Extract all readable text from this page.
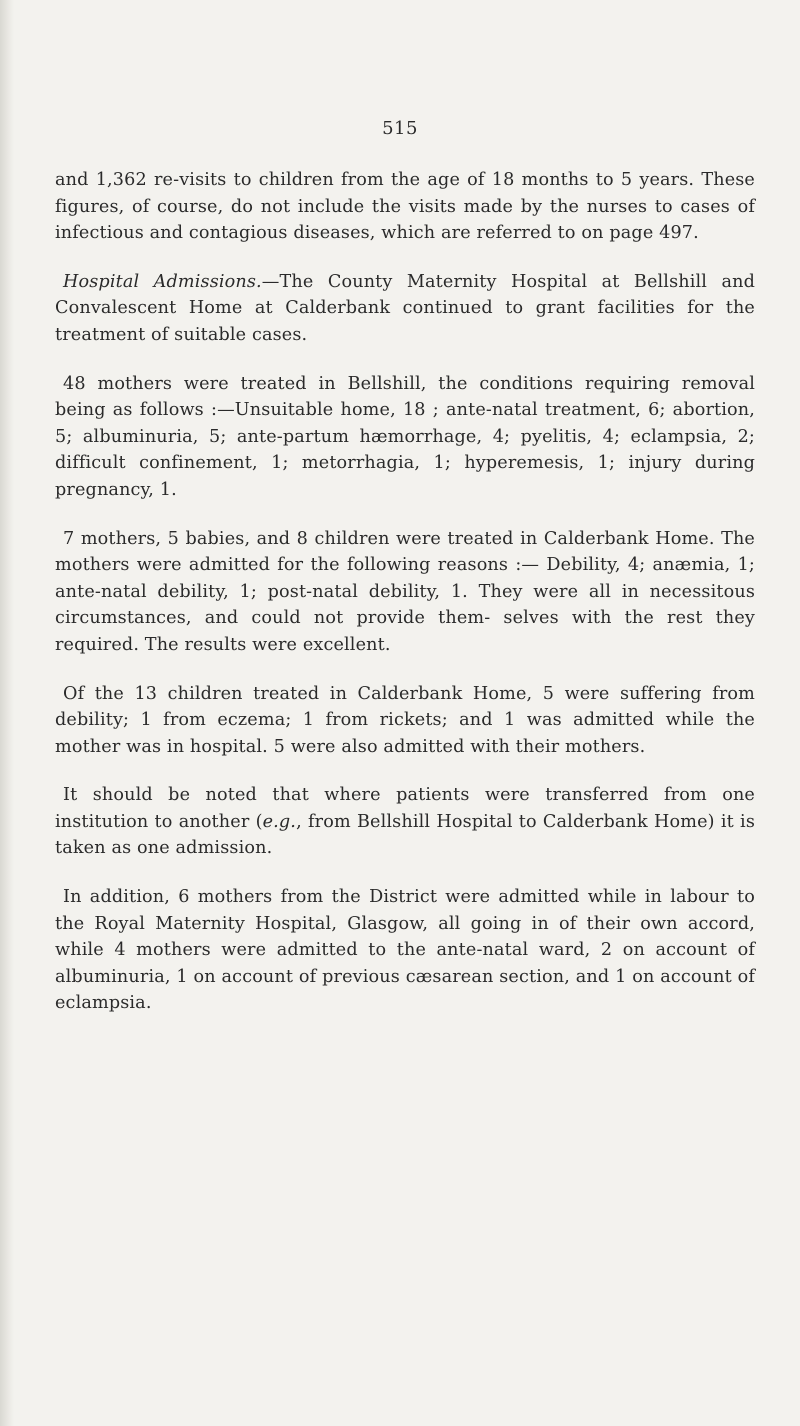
515

and 1,362 re-visits to children from the age of 18 months to 5 years. These figures, of course, do not include the visits made by the nurses to cases of infectious and contagious diseases, which are referred to on page 497.

Hospital Admissions.—The County Maternity Hospital at Bellshill and Convalescent Home at Calderbank continued to grant facilities for the treatment of suitable cases.

48 mothers were treated in Bellshill, the conditions requiring removal being as follows :—Unsuitable home, 18 ; ante-natal treatment, 6; abortion, 5; albuminuria, 5; ante-partum hæmorrhage, 4; pyelitis, 4; eclampsia, 2; difficult confinement, 1; metorrhagia, 1; hyperemesis, 1; injury during pregnancy, 1.

7 mothers, 5 babies, and 8 children were treated in Calderbank Home. The mothers were admitted for the following reasons :— Debility, 4; anæmia, 1; ante-natal debility, 1; post-natal debility, 1. They were all in necessitous circumstances, and could not provide them- selves with the rest they required. The results were excellent.

Of the 13 children treated in Calderbank Home, 5 were suffering from debility; 1 from eczema; 1 from rickets; and 1 was admitted while the mother was in hospital. 5 were also admitted with their mothers.

It should be noted that where patients were transferred from one institution to another (e.g., from Bellshill Hospital to Calderbank Home) it is taken as one admission.

In addition, 6 mothers from the District were admitted while in labour to the Royal Maternity Hospital, Glasgow, all going in of their own accord, while 4 mothers were admitted to the ante-natal ward, 2 on account of albuminuria, 1 on account of previous cæsarean section, and 1 on account of eclampsia.
